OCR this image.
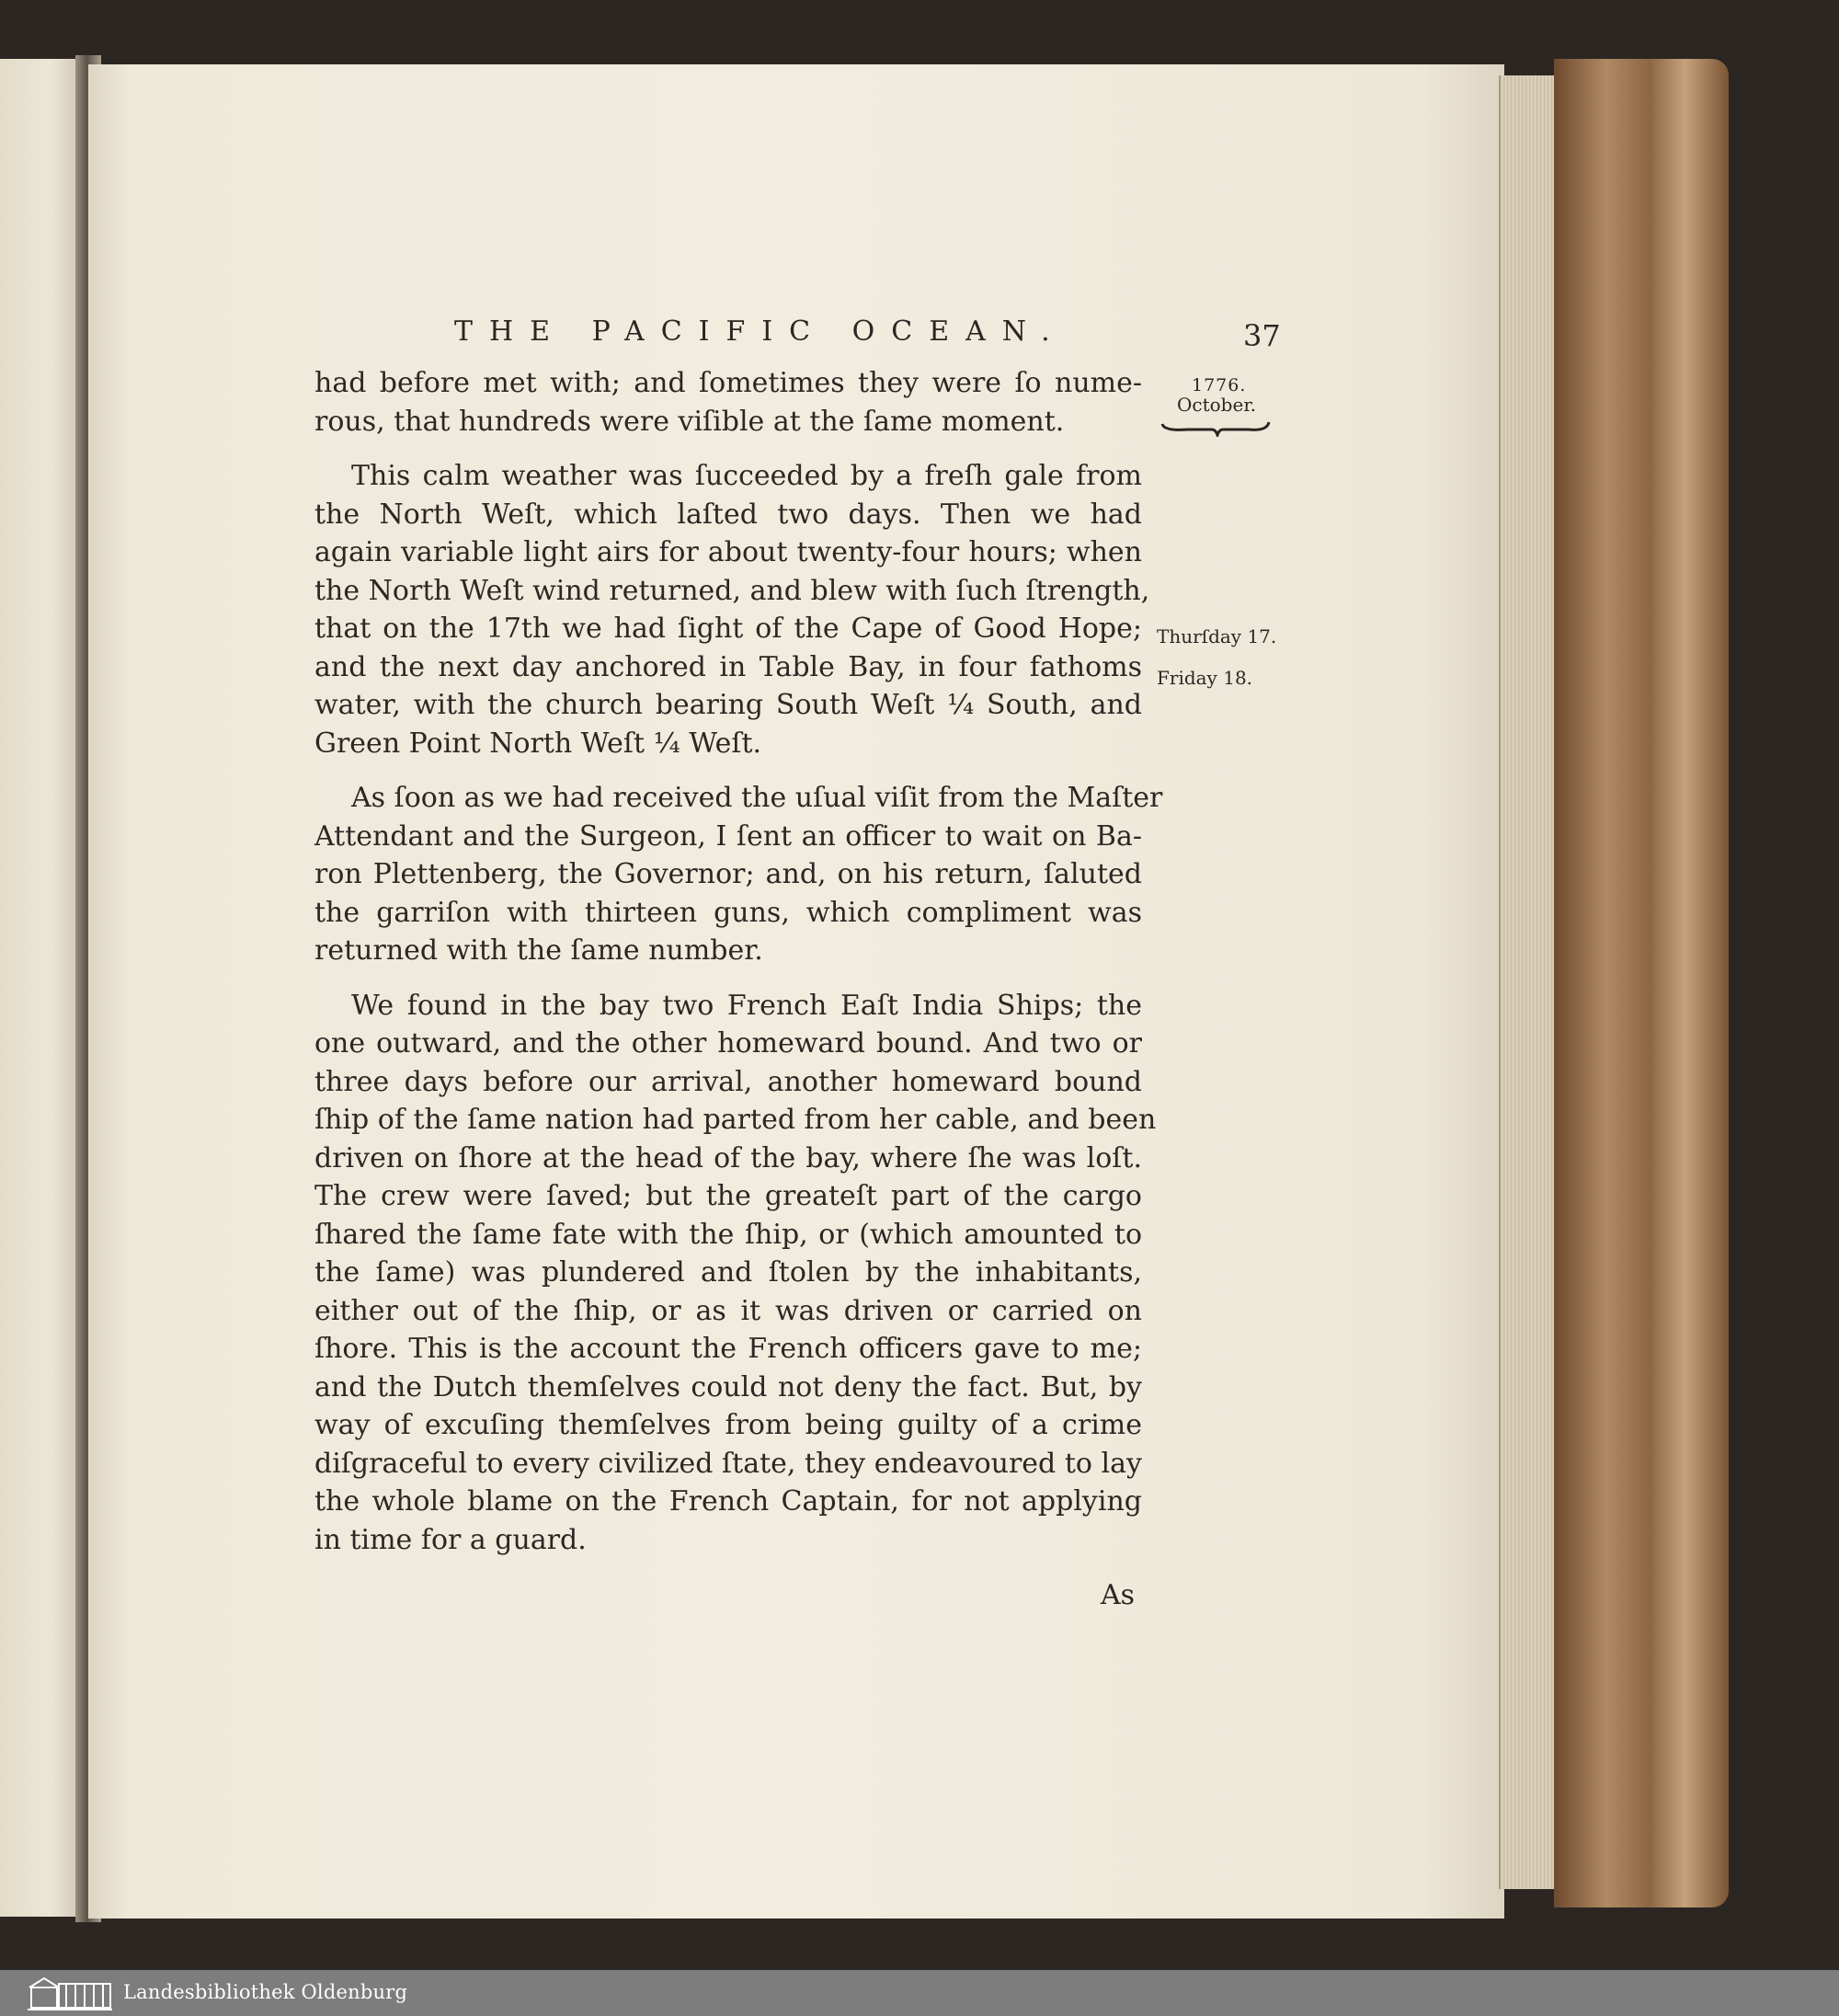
THE PACIFIC OCEAN.	37
1776.
October.
Thurſday 17.
Friday 18.
had before met with; and ſometimes they were ſo nume-
rous, that hundreds were viſible at the ſame moment.
This calm weather was ſucceeded by a freſh gale from
the North Weſt, which laſted two days. Then we had
again variable light airs for about twenty-four hours; when
the North Weſt wind returned, and blew with ſuch ſtrength,
that on the 17th we had ſight of the Cape of Good Hope;
and the next day anchored in Table Bay, in four fathoms
water, with the church bearing South Weſt ¼ South, and
Green Point North Weſt ¼ Weſt.
As ſoon as we had received the uſual viſit from the Maſter
Attendant and the Surgeon, I ſent an officer to wait on Ba-
ron Plettenberg, the Governor; and, on his return, ſaluted
the garriſon with thirteen guns, which compliment was
returned with the ſame number.
We found in the bay two French Eaſt India Ships; the
one outward, and the other homeward bound. And two or
three days before our arrival, another homeward bound
ſhip of the ſame nation had parted from her cable, and been
driven on ſhore at the head of the bay, where ſhe was loſt.
The crew were ſaved; but the greateſt part of the cargo
ſhared the ſame fate with the ſhip, or (which amounted to
the ſame) was plundered and ſtolen by the inhabitants,
either out of the ſhip, or as it was driven or carried on
ſhore. This is the account the French officers gave to me;
and the Dutch themſelves could not deny the fact. But, by
way of excuſing themſelves from being guilty of a crime
diſgraceful to every civilized ſtate, they endeavoured to lay
the whole blame on the French Captain, for not applying
in time for a guard.
As
Landesbibliothek Oldenburg
